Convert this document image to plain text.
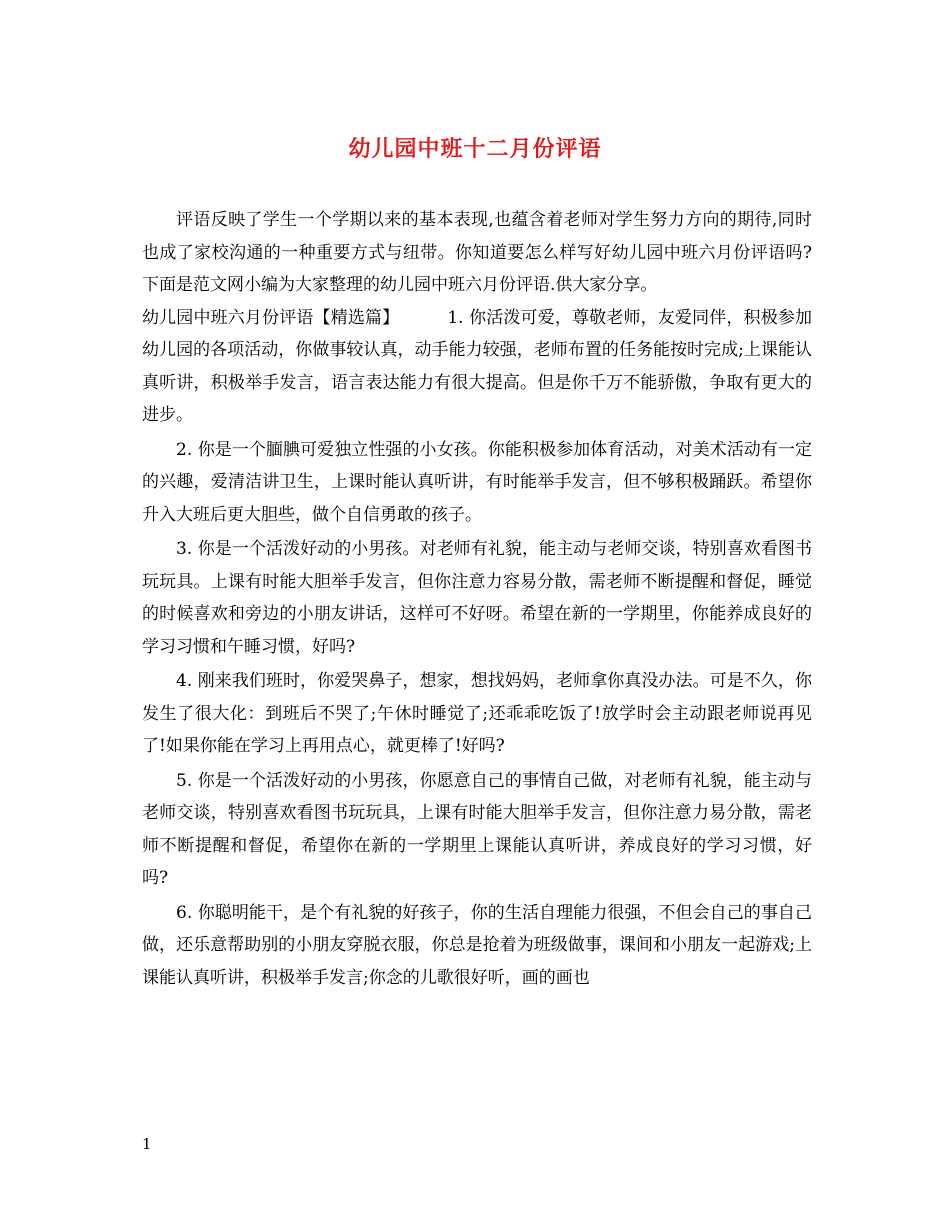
幼儿园中班十二月份评语

评语反映了学生一个学期以来的基本表现,也蕴含着老师对学生努力方向的期待,同时也成了家校沟通的一种重要方式与纽带。你知道要怎么样写好幼儿园中班六月份评语吗?下面是范文网小编为大家整理的幼儿园中班六月份评语.供大家分享。

幼儿园中班六月份评语【精选篇】	1. 你活泼可爱，尊敬老师，友爱同伴，积极参加幼儿园的各项活动，你做事较认真，动手能力较强，老师布置的任务能按时完成;上课能认真听讲，积极举手发言，语言表达能力有很大提高。但是你千万不能骄傲，争取有更大的进步。

2. 你是一个腼腆可爱独立性强的小女孩。你能积极参加体育活动，对美术活动有一定的兴趣，爱清洁讲卫生，上课时能认真听讲，有时能举手发言，但不够积极踊跃。希望你升入大班后更大胆些，做个自信勇敢的孩子。

3. 你是一个活泼好动的小男孩。对老师有礼貌，能主动与老师交谈，特别喜欢看图书玩玩具。上课有时能大胆举手发言，但你注意力容易分散，需老师不断提醒和督促，睡觉的时候喜欢和旁边的小朋友讲话，这样可不好呀。希望在新的一学期里，你能养成良好的学习习惯和午睡习惯，好吗?

4. 刚来我们班时，你爱哭鼻子，想家，想找妈妈，老师拿你真没办法。可是不久，你发生了很大化：到班后不哭了;午休时睡觉了;还乖乖吃饭了!放学时会主动跟老师说再见了!如果你能在学习上再用点心，就更棒了!好吗?

5. 你是一个活泼好动的小男孩，你愿意自己的事情自己做，对老师有礼貌，能主动与老师交谈，特别喜欢看图书玩玩具，上课有时能大胆举手发言，但你注意力易分散，需老师不断提醒和督促，希望你在新的一学期里上课能认真听讲，养成良好的学习习惯，好吗?

6. 你聪明能干，是个有礼貌的好孩子，你的生活自理能力很强，不但会自己的事自己做，还乐意帮助别的小朋友穿脱衣服，你总是抢着为班级做事，课间和小朋友一起游戏;上课能认真听讲，积极举手发言;你念的儿歌很好听，画的画也

1
